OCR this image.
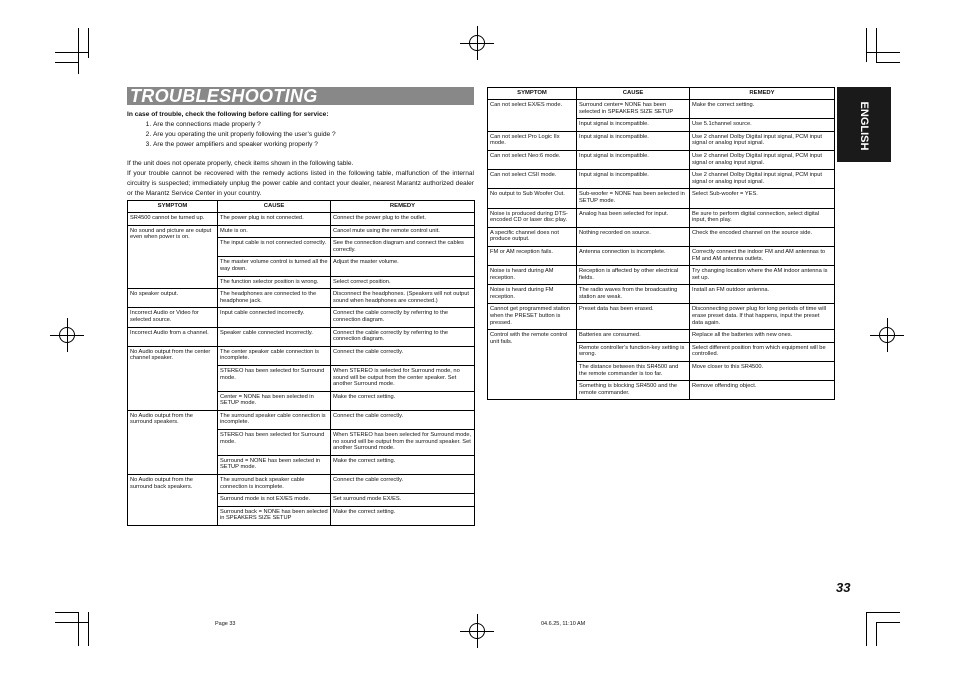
TROUBLESHOOTING
In case of trouble, check the following before calling for service:
1. Are the connections made properly ?
2. Are you operating the unit properly following the user’s guide ?
3. Are the power amplifiers and speaker working properly ?

If the unit does not operate properly, check items shown in the following table.

If your trouble cannot be recovered with the remedy actions listed in the following table, malfunction of the internal circuitry is suspected; immediately unplug the power cable and contact your dealer, nearest Marantz authorized dealer or the Marantz Service Center in your country.

SYMPTOM	CAUSE	REMEDY
SR4500 cannot be turned up.	The power plug is not connected.	Connect the power plug to the outlet.
No sound and picture are output even when power is on.	Mute is on.	Cancel mute using the remote control unit.
	The input cable is not connected correctly.	See the connection diagram and connect the cables correctly.
	The master volume control is turned all the way down.	Adjust the master volume.
	The function selector position is wrong.	Select correct position.
No speaker output.	The headphones are connected to the headphone jack.	Disconnect the headphones. (Speakers will not output sound when headphones are connected.)
Incorrect Audio or Video for selected source.	Input cable connected incorrectly.	Connect the cable correctly by referring to the connection diagram.
Incorrect Audio from a channel.	Speaker cable connected incorrectly.	Connect the cable correctly by referring to the connection diagram.
No Audio output from the center channel speaker.	The center speaker cable connection is incomplete.	Connect the cable correctly.
	STEREO has been selected for Surround mode.	When STEREO is selected for Surround mode, no sound will be output from the center speaker. Set another Surround mode.
	Center = NONE has been selected in SETUP mode.	Make the correct setting.
No Audio output from the surround speakers.	The surround speaker cable connection is incomplete.	Connect the cable correctly.
	STEREO has been selected for Surround mode.	When STEREO has been selected for Surround mode, no sound will be output from the surround speaker. Set another Surround mode.
	Surround = NONE has been selected in SETUP mode.	Make the correct setting.
No Audio output from the surround back speakers.	The surround back speaker cable connection is incomplete.	Connect the cable correctly.
	Surround mode is not EX/ES mode.	Set surround mode EX/ES.
	Surround back = NONE has been selected in SPEAKERS SIZE SETUP	Make the correct setting.
SYMPTOM	CAUSE	REMEDY
Can not select EX/ES mode.	Surround center= NONE has been selected in SPEAKERS SIZE SETUP	Make the correct setting.
	Input signal is incompatible.	Use 5.1channel source.
Can not select Pro Logic IIx mode.	Input signal is incompatible.	Use 2 channel Dolby Digital input signal, PCM input signal or analog input signal.
Can not select Neo:6 mode.	Input signal is incompatible.	Use 2 channel Dolby Digital input signal, PCM input signal or analog input signal.
Can not select CSII mode.	Input signal is incompatible.	Use 2 channel Dolby Digital input signal, PCM input signal or analog input signal.
No output to Sub Woofer Out.	Sub-woofer = NONE has been selected in SETUP mode.	Select Sub-woofer = YES.
Noise is produced during DTS-encoded CD or laser disc play.	Analog has been selected for input.	Be sure to perform digital connection, select digital input, then play.
A specific channel does not produce output.	Nothing recorded on source.	Check the encoded channel on the source side.
FM or AM reception fails.	Antenna connection is incomplete.	Correctly connect the indoor FM and AM antennas to FM and AM antenna outlets.
Noise is heard during AM reception.	Reception is affected by other electrical fields.	Try changing location where the AM indoor antenna is set up.
Noise is heard during FM reception.	The radio waves from the broadcasting station are weak.	Install an FM outdoor antenna.
Cannot get programmed station when the PRESET button is pressed.	Preset data has been erased.	Disconnecting power plug for long periods of time will erase preset data. If that happens, input the preset data again.
Control with the remote control unit fails.	Batteries are consumed.	Replace all the batteries with new ones.
	Remote controller’s function-key setting is wrong.	Select different position from which equipment will be controlled.
	The distance between this SR4500 and the remote commander is too far.	Move closer to this SR4500.
	Something is blocking SR4500 and the remote commander.	Remove offending object.
ENGLISH
33
Page 33	04.6.25, 11:10 AM
